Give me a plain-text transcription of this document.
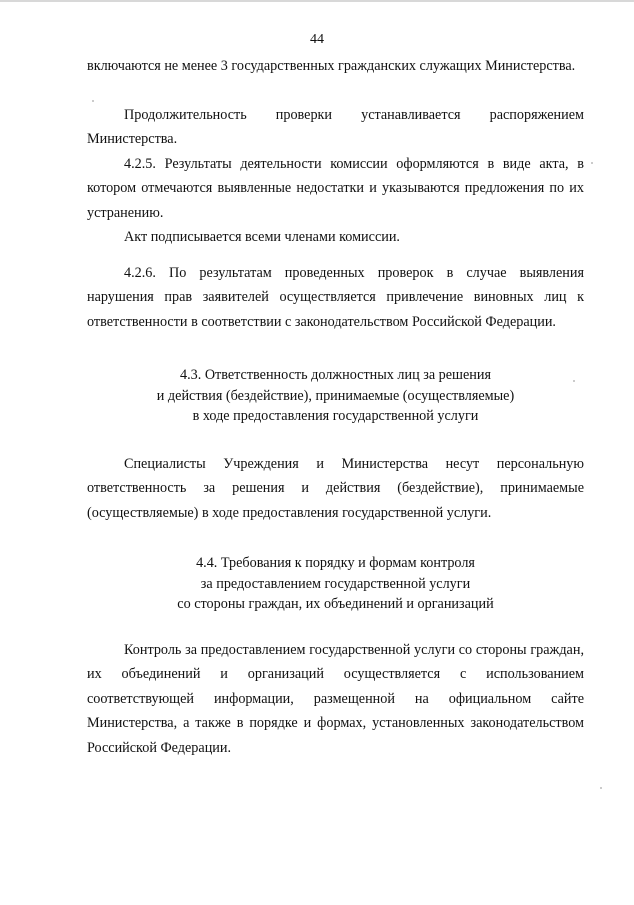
44

включаются не менее 3 государственных гражданских служащих Министерства.

Продолжительность проверки устанавливается распоряжением Министерства.

4.2.5. Результаты деятельности комиссии оформляются в виде акта, в котором отмечаются выявленные недостатки и указываются предложения по их устранению.

Акт подписывается всеми членами комиссии.

4.2.6. По результатам проведенных проверок в случае выявления нарушения прав заявителей осуществляется привлечение виновных лиц к ответственности в соответствии с законодательством Российской Федерации.

4.3. Ответственность должностных лиц за решения
и действия (бездействие), принимаемые (осуществляемые)
в ходе предоставления государственной услуги

Специалисты Учреждения и Министерства несут персональную ответственность за решения и действия (бездействие), принимаемые (осуществляемые) в ходе предоставления государственной услуги.

4.4. Требования к порядку и формам контроля
за предоставлением государственной услуги
со стороны граждан, их объединений и организаций

Контроль за предоставлением государственной услуги со стороны граждан, их объединений и организаций осуществляется с использованием соответствующей информации, размещенной на официальном сайте Министерства, а также в порядке и формах, установленных законодательством Российской Федерации.
